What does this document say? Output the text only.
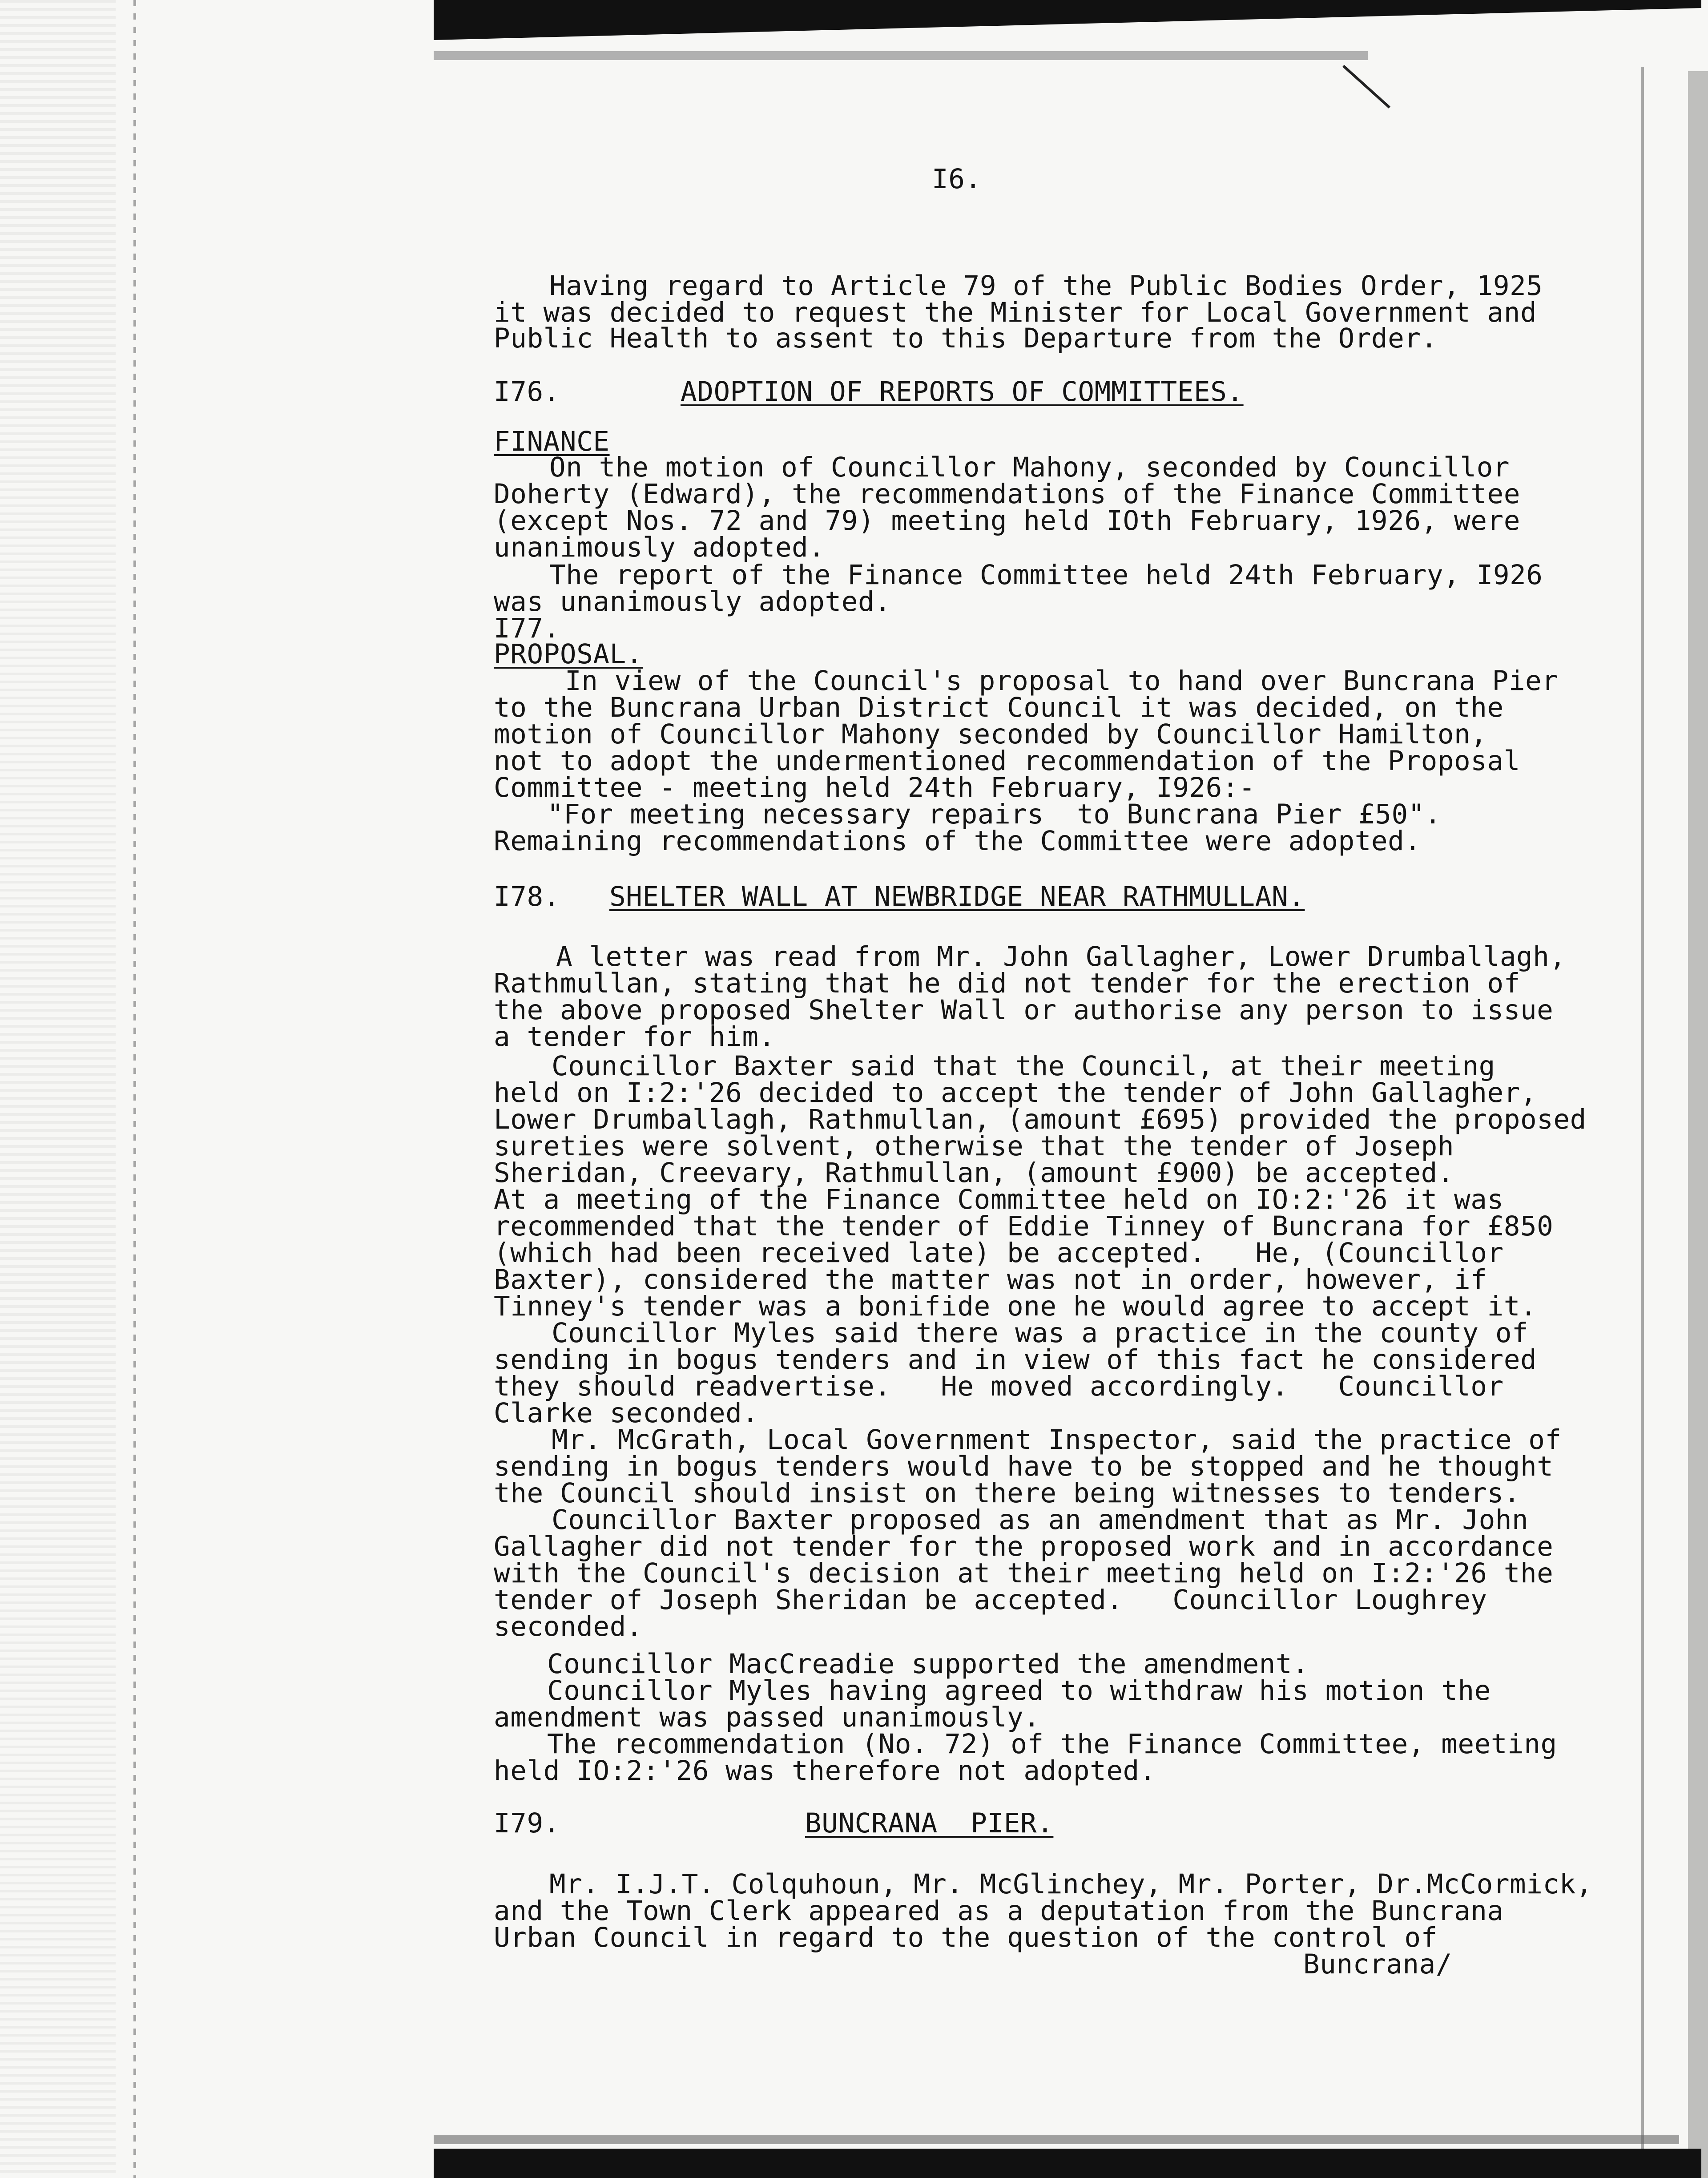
I6.
Having regard to Article 79 of the Public Bodies Order, 1925
it was decided to request the Minister for Local Government and
Public Health to assent to this Departure from the Order.
I76.	ADOPTION OF REPORTS OF COMMITTEES.
FINANCE
On the motion of Councillor Mahony, seconded by Councillor
Doherty (Edward), the recommendations of the Finance Committee
(except Nos. 72 and 79) meeting held IOth February, 1926, were
unanimously adopted.
The report of the Finance Committee held 24th February, I926
was unanimously adopted.
I77.
PROPOSAL.
In view of the Council's proposal to hand over Buncrana Pier
to the Buncrana Urban District Council it was decided, on the
motion of Councillor Mahony seconded by Councillor Hamilton,
not to adopt the undermentioned recommendation of the Proposal
Committee - meeting held 24th February, I926:-
"For meeting necessary repairs  to Buncrana Pier £50".
Remaining recommendations of the Committee were adopted.
I78. SHELTER WALL AT NEWBRIDGE NEAR RATHMULLAN.
A letter was read from Mr. John Gallagher, Lower Drumballagh,
Rathmullan, stating that he did not tender for the erection of
the above proposed Shelter Wall or authorise any person to issue
a tender for him.
Councillor Baxter said that the Council, at their meeting
held on I:2:'26 decided to accept the tender of John Gallagher,
Lower Drumballagh, Rathmullan, (amount £695) provided the proposed
sureties were solvent, otherwise that the tender of Joseph
Sheridan, Creevary, Rathmullan, (amount £900) be accepted.
At a meeting of the Finance Committee held on IO:2:'26 it was
recommended that the tender of Eddie Tinney of Buncrana for £850
(which had been received late) be accepted.   He, (Councillor
Baxter), considered the matter was not in order, however, if
Tinney's tender was a bonifide one he would agree to accept it.
Councillor Myles said there was a practice in the county of
sending in bogus tenders and in view of this fact he considered
they should readvertise.   He moved accordingly.   Councillor
Clarke seconded.
Mr. McGrath, Local Government Inspector, said the practice of
sending in bogus tenders would have to be stopped and he thought
the Council should insist on there being witnesses to tenders.
Councillor Baxter proposed as an amendment that as Mr. John
Gallagher did not tender for the proposed work and in accordance
with the Council's decision at their meeting held on I:2:'26 the
tender of Joseph Sheridan be accepted.   Councillor Loughrey
seconded.
Councillor MacCreadie supported the amendment.
Councillor Myles having agreed to withdraw his motion the
amendment was passed unanimously.
The recommendation (No. 72) of the Finance Committee, meeting
held IO:2:'26 was therefore not adopted.
I79.	BUNCRANA  PIER.
Mr. I.J.T. Colquhoun, Mr. McGlinchey, Mr. Porter, Dr.McCormick,
and the Town Clerk appeared as a deputation from the Buncrana
Urban Council in regard to the question of the control of
Buncrana/
